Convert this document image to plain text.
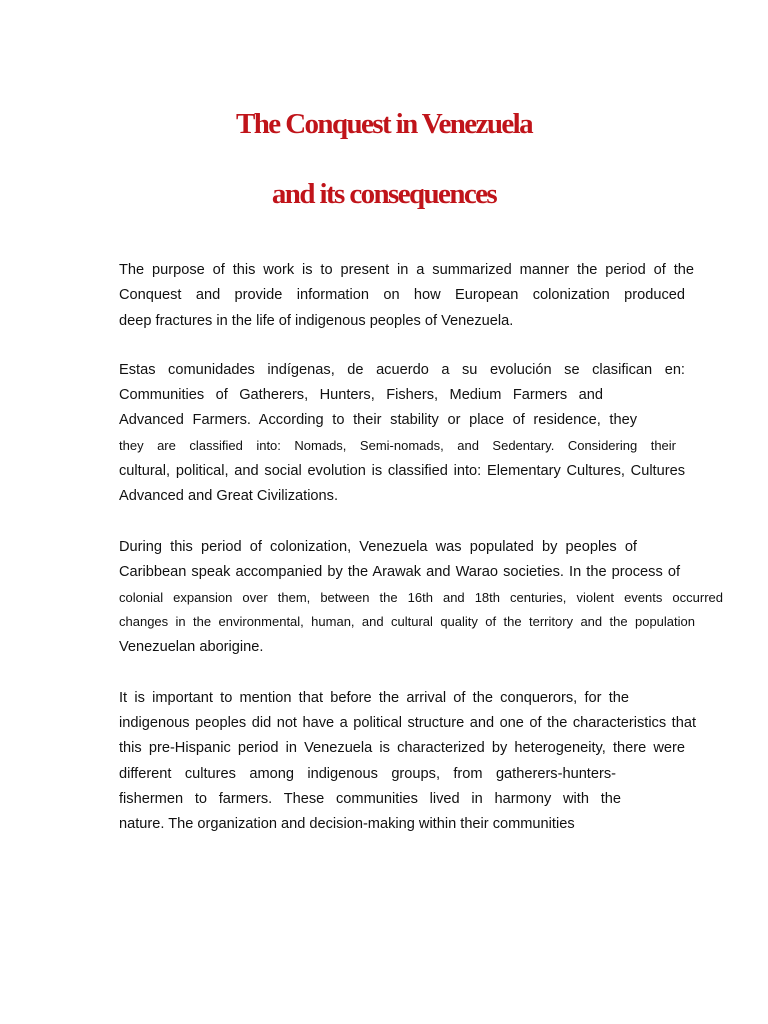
The Conquest in Venezuela
and its consequences
The purpose of this work is to present in a summarized manner the period of the
Conquest and provide information on how European colonization produced
deep fractures in the life of indigenous peoples of Venezuela.
Estas comunidades indígenas, de acuerdo a su evolución se clasifican en:
Communities of Gatherers, Hunters, Fishers, Medium Farmers and
Advanced Farmers. According to their stability or place of residence, they
they are classified into: Nomads, Semi-nomads, and Sedentary. Considering their
cultural, political, and social evolution is classified into: Elementary Cultures, Cultures
Advanced and Great Civilizations.
During this period of colonization, Venezuela was populated by peoples of
Caribbean speak accompanied by the Arawak and Warao societies. In the process of
colonial expansion over them, between the 16th and 18th centuries, violent events occurred
changes in the environmental, human, and cultural quality of the territory and the population
Venezuelan aborigine.
It is important to mention that before the arrival of the conquerors, for the
indigenous peoples did not have a political structure and one of the characteristics that
this pre-Hispanic period in Venezuela is characterized by heterogeneity, there were
different cultures among indigenous groups, from gatherers-hunters-
fishermen to farmers. These communities lived in harmony with the
nature. The organization and decision-making within their communities
